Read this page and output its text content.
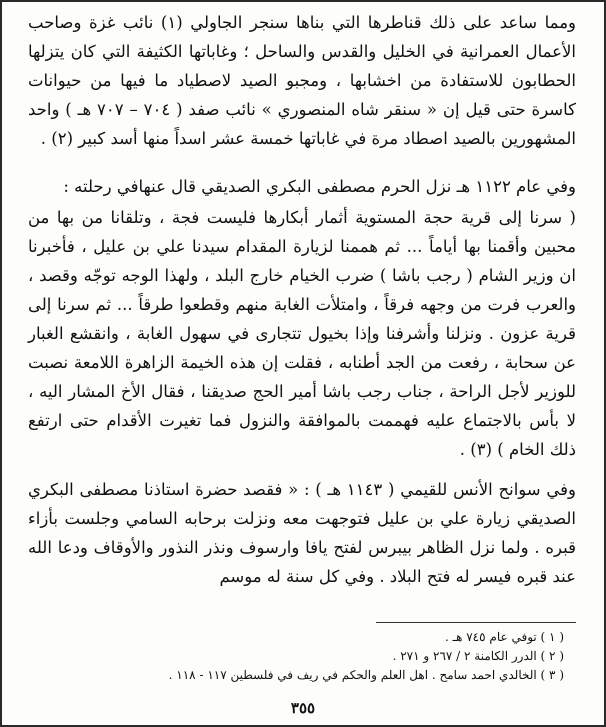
ومما ساعد على ذلك قناطرها التي بناها سنجر الجاولي (١) نائب غزة وصاحب الأعمال العمرانية في الخليل والقدس والساحل ؛ وغاباتها الكثيفة التي كان يتزلها الحطابون للاستفادة من اخشابها ، ومجبو الصيد لاصطياد ما فيها من حيوانات كاسرة حتى قيل إن « سنقر شاه المنصوري » نائب صفد ( ٧٠٤ – ٧٠٧ هـ ) واحد المشهورين بالصيد اصطاد مرة في غاباتها خمسة عشر اسداً منها أسد كبير (٢) .

وفي عام ١١٢٢ هـ نزل الحرم مصطفى البكري الصديقي قال عنهافي رحلته :

( سرنا إلى قرية حجة المستوية أثمار أبكارها فليست فجة ، وتلقانا من بها من محبين وأقمنا بها أياماً ... ثم هممنا لزيارة المقدام سيدنا علي بن عليل ، فأخبرنا ان وزير الشام ( رجب باشا ) ضرب الخيام خارج البلد ، ولهذا الوجه توجّه وقصد ، والعرب فرت من وجهه فرقاً ، وامتلأت الغابة منهم وقطعوا طرقاً ... ثم سرنا إلى قرية عزون . ونزلنا وأشرفنا وإذا بخيول تتجارى في سهول الغابة ، وانقشع الغبار عن سحابة ، رفعت من الجد أطنابه ، فقلت إن هذه الخيمة الزاهرة اللامعة نصبت للوزير لأجل الراحة ، جناب رجب باشا أمير الحج صديقنا ، فقال الأخ المشار اليه ، لا بأس بالاجتماع عليه فهممت بالموافقة والنزول فما تغيرت الأقدام حتى ارتفع ذلك الخام ) (٣) .

وفي سوانح الأنس للقيمي ( ١١٤٣ هـ ) : « فقصد حضرة استاذنا مصطفى البكري الصديقي زيارة علي بن عليل فتوجهت معه ونزلت برحابه السامي وجلست بأزاء قبره . ولما نزل الظاهر بيبرس لفتح يافا وارسوف ونذر النذور والأوقاف ودعا الله عند قبره فيسر له فتح البلاد . وفي كل سنة له موسم

( ١ ) توفي عام ٧٤٥ هـ .
( ٢ ) الدرر الكامنة ٢ / ٢٦٧ و ٢٧١ .
( ٣ ) الخالدي احمد سامح . اهل العلم والحكم في ريف في فلسطين ١١٧ - ١١٨ .
٣٥٥
